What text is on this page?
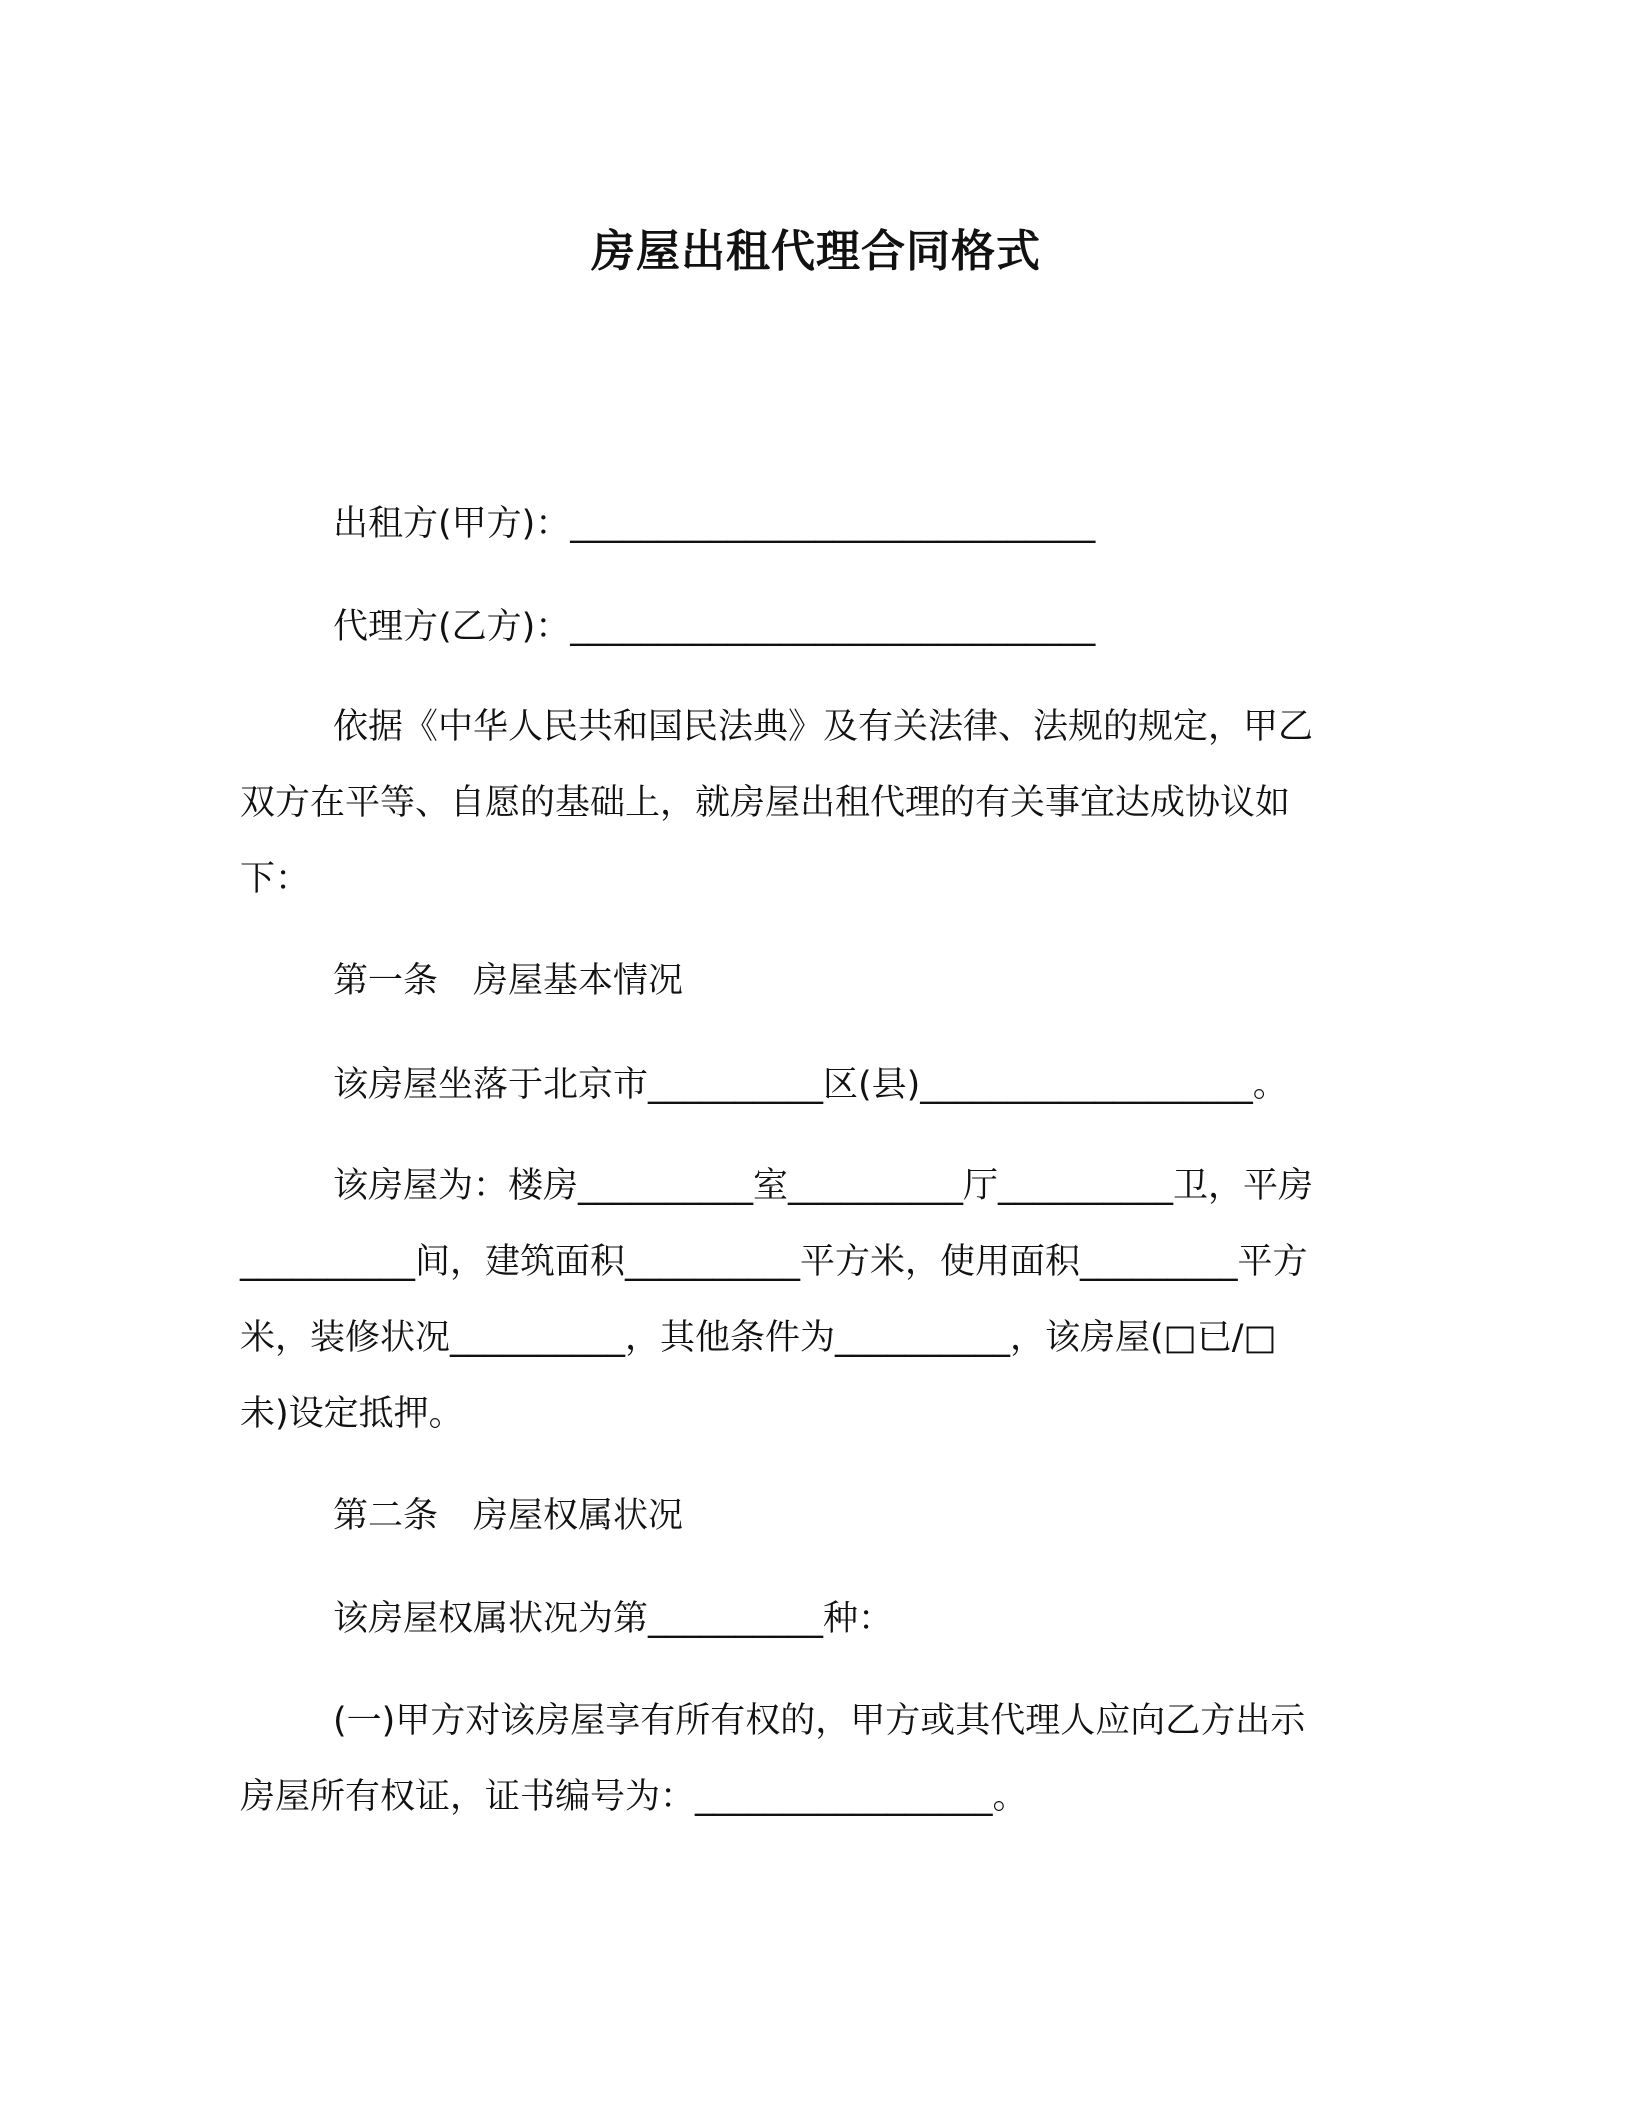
房屋出租代理合同格式
出租方(甲方)：______________________________
代理方(乙方)：______________________________
依据《中华人民共和国民法典》及有关法律、法规的规定，甲乙
双方在平等、自愿的基础上，就房屋出租代理的有关事宜达成协议如
下：
第一条　房屋基本情况
该房屋坐落于北京市__________区(县)___________________。
该房屋为：楼房__________室__________厅__________卫，平房
__________间，建筑面积__________平方米，使用面积_________平方
米，装修状况__________，其他条件为__________，该房屋(□已/□
未)设定抵押。
第二条　房屋权属状况
该房屋权属状况为第__________种：
(一)甲方对该房屋享有所有权的，甲方或其代理人应向乙方出示
房屋所有权证，证书编号为：_________________。
